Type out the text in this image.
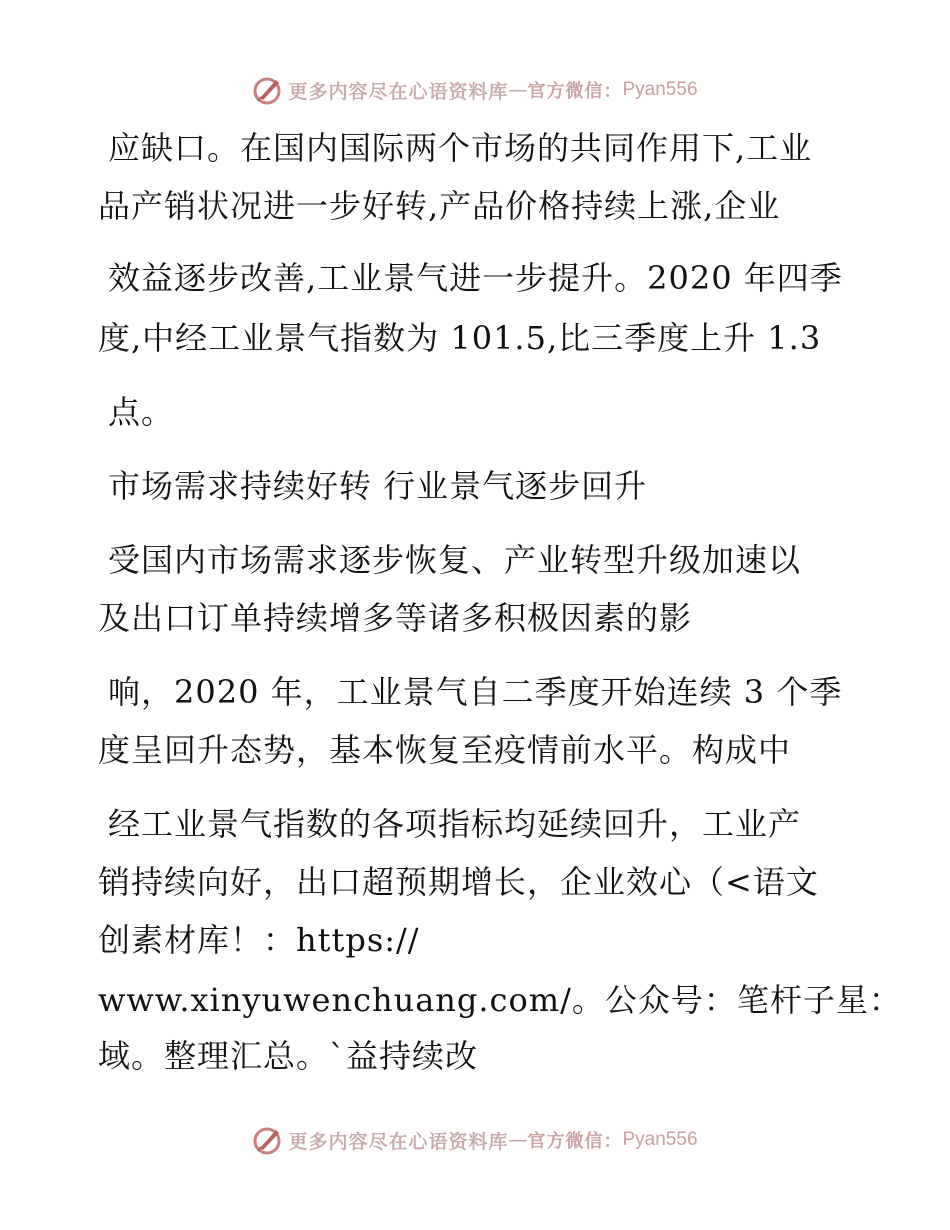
更多内容尽在心语资料库 — 官方微信： Pyan556
应缺口。在国内国际两个市场的共同作用下,工业
品产销状况进一步好转,产品价格持续上涨,企业
效益逐步改善,工业景气进一步提升。2020 年四季
度,中经工业景气指数为 101.5,比三季度上升 1.3
点。
市场需求持续好转 行业景气逐步回升
受国内市场需求逐步恢复、产业转型升级加速以
及出口订单持续增多等诸多积极因素的影
响，2020 年，工业景气自二季度开始连续 3 个季
度呈回升态势，基本恢复至疫情前水平。构成中
经工业景气指数的各项指标均延续回升，工业产
销持续向好，出口超预期增长，企业效心（<语文
创素材库！：https://
www.xinyuwenchuang.com/。公众号：笔杆子星：
域。整理汇总。`益持续改
更多内容尽在心语资料库 — 官方微信： Pyan556
